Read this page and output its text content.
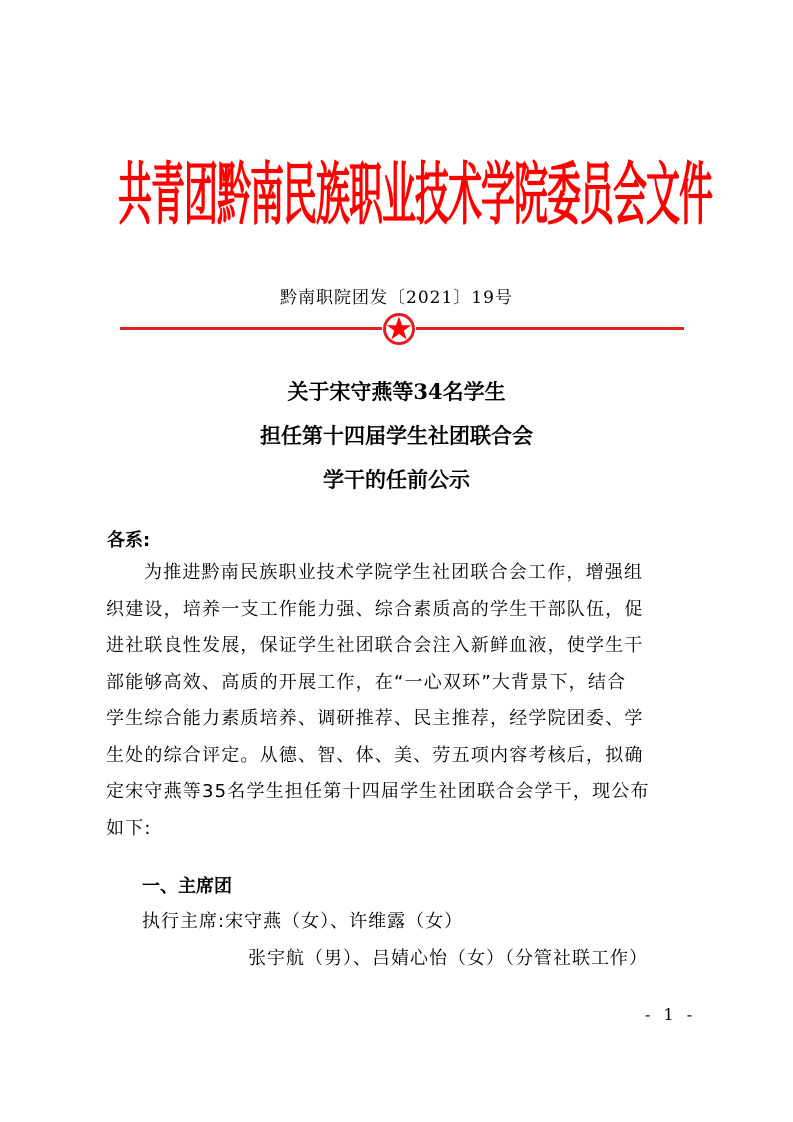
共青团黔南民族职业技术学院委员会文件
黔南职院团发〔2021〕19号
关于宋守燕等34名学生
担任第十四届学生社团联合会
学干的任前公示
各系:
为推进黔南民族职业技术学院学生社团联合会工作，增强组
织建设，培养一支工作能力强、综合素质高的学生干部队伍，促
进社联良性发展，保证学生社团联合会注入新鲜血液，使学生干
部能够高效、高质的开展工作，在“一心双环”大背景下，结合
学生综合能力素质培养、调研推荐、民主推荐，经学院团委、学
生处的综合评定。从德、智、体、美、劳五项内容考核后，拟确
定宋守燕等35名学生担任第十四届学生社团联合会学干，现公布
如下:
一、主席团
执行主席:宋守燕（女）、许维露（女）
张宇航（男）、吕婧心怡（女）（分管社联工作）
- 1 -
